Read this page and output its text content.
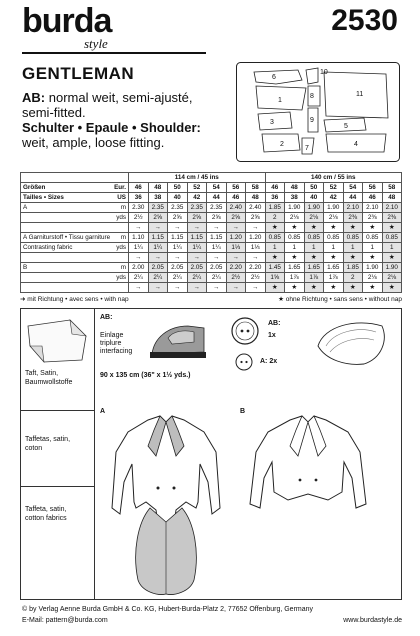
burda
style
2530
GENTLEMAN
AB: normal weit, semi-ajusté, semi-fitted.
Schulter • Epaule • Shoulder:
weit, ample, loose fitting.
6
10
8	11
1
9
3
5
4
2
7
		114 cm / 45 ins							140 cm / 55 ins						
Größen	Eur.	46	48	50	52	54	56	58	46	48	50	52	54	56	58
Tailles • Sizes	US	36	38	40	42	44	46	48	36	38	40	42	44	46	48
A	m	2.30	2.35	2.35	2.35	2.35	2.40	2.40	1.85	1.90	1.90	1.90	2.10	2.10	2.10
	yds	2½	2⅝	2⅝	2⅝	2⅝	2⅝	2⅝	2	2⅛	2⅛	2⅛	2⅜	2⅜	2⅜
		→	→	→	→	→	→	→	★	★	★	★	★	★	★
A Garniturstoff • Tissu garniture	m	1.10	1.15	1.15	1.15	1.15	1.20	1.20	0.85	0.85	0.85	0.85	0.85	0.85	0.85
Contrasting fabric	yds	1¼	1¼	1¼	1¼	1¼	1⅓	1⅓	1	1	1	1	1	1	1
		→	→	→	→	→	→	→	★	★	★	★	★	★	★
B	m	2.00	2.05	2.05	2.05	2.05	2.20	2.20	1.45	1.65	1.65	1.65	1.85	1.90	1.90
	yds	2¼	2¼	2¼	2¼	2¼	2½	2½	1⅝	1⅞	1⅞	1⅞	2	2⅛	2⅛
		→	→	→	→	→	→	→	★	★	★	★	★	★	★
➜ mit Richtung • avec sens • with nap	★ ohne Richtung • sans sens • without nap
Taft, Satin,
Baumwollstoffe
Taffetas, satin,
coton
Taffeta, satin,
cotton fabrics
AB:
Einlage
triplure
interfacing
90 x 135 cm (36" x 1½ yds.)
AB:
1x
A: 2x
A	B
© by Verlag Aenne Burda GmbH & Co. KG, Hubert-Burda-Platz 2, 77652 Offenburg, Germany
E-Mail: pattern@burda.com	www.burdastyle.de
